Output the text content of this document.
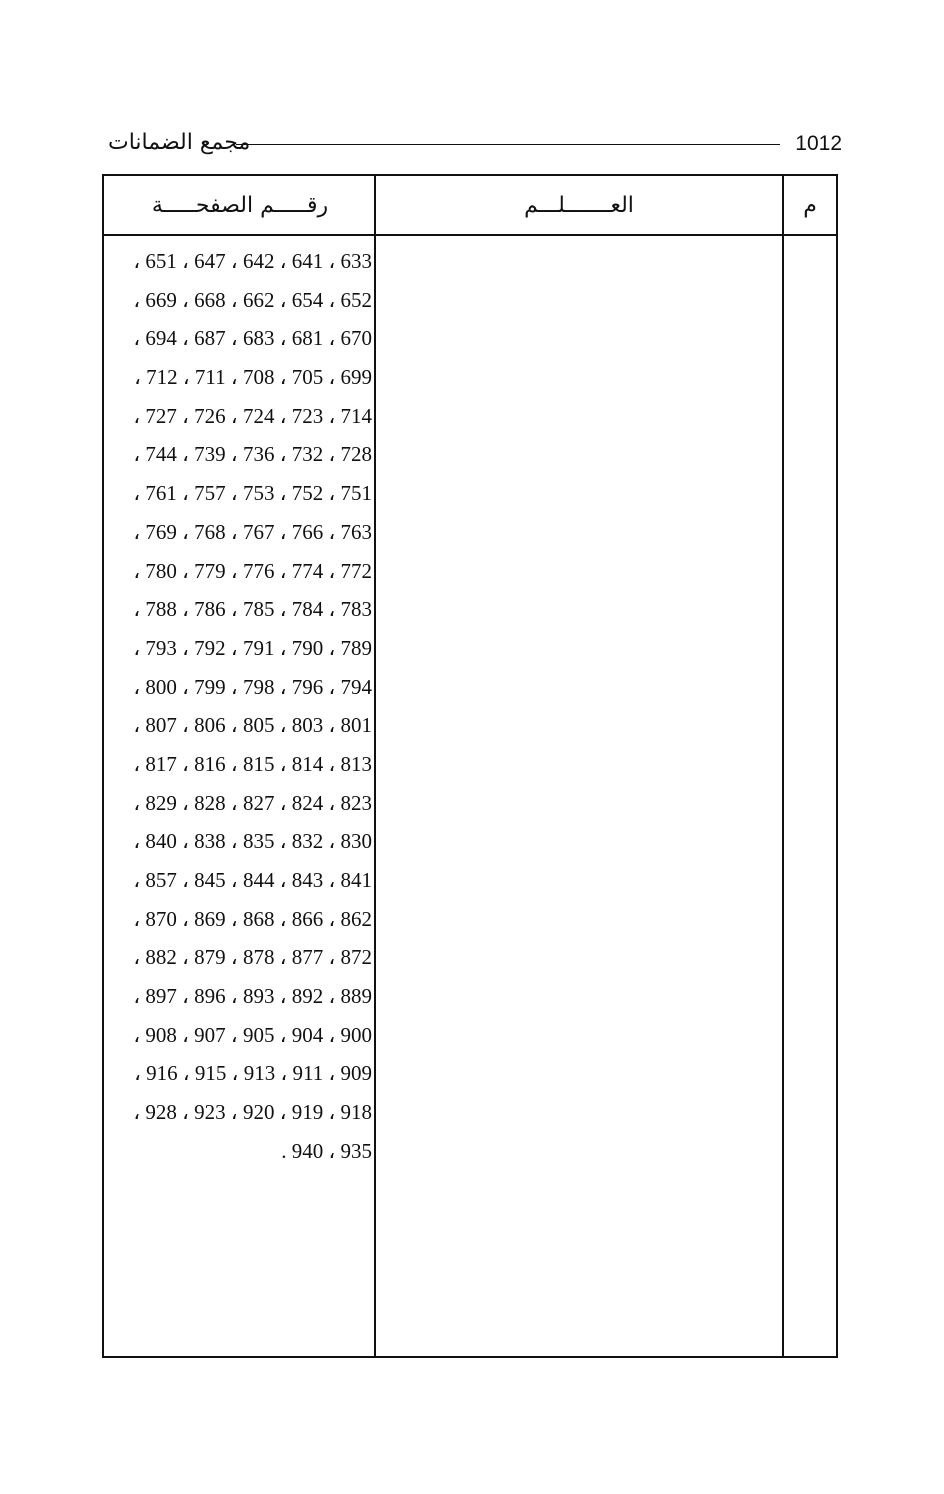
مجمع الضمانات	1012
م
العـــــــلـــم
رقـــــم الصفحـــــة
633 ، 641 ، 642 ، 647 ، 651 ،
652 ، 654 ، 662 ، 668 ، 669 ،
670 ، 681 ، 683 ، 687 ، 694 ،
699 ، 705 ، 708 ، 711 ، 712 ،
714 ، 723 ، 724 ، 726 ، 727 ،
728 ، 732 ، 736 ، 739 ، 744 ،
751 ، 752 ، 753 ، 757 ، 761 ،
763 ، 766 ، 767 ، 768 ، 769 ،
772 ، 774 ، 776 ، 779 ، 780 ،
783 ، 784 ، 785 ، 786 ، 788 ،
789 ، 790 ، 791 ، 792 ، 793 ،
794 ، 796 ، 798 ، 799 ، 800 ،
801 ، 803 ، 805 ، 806 ، 807 ،
813 ، 814 ، 815 ، 816 ، 817 ،
823 ، 824 ، 827 ، 828 ، 829 ،
830 ، 832 ، 835 ، 838 ، 840 ،
841 ، 843 ، 844 ، 845 ، 857 ،
862 ، 866 ، 868 ، 869 ، 870 ،
872 ، 877 ، 878 ، 879 ، 882 ،
889 ، 892 ، 893 ، 896 ، 897 ،
900 ، 904 ، 905 ، 907 ، 908 ،
909 ، 911 ، 913 ، 915 ، 916 ،
918 ، 919 ، 920 ، 923 ، 928 ،
935 ، 940 .
